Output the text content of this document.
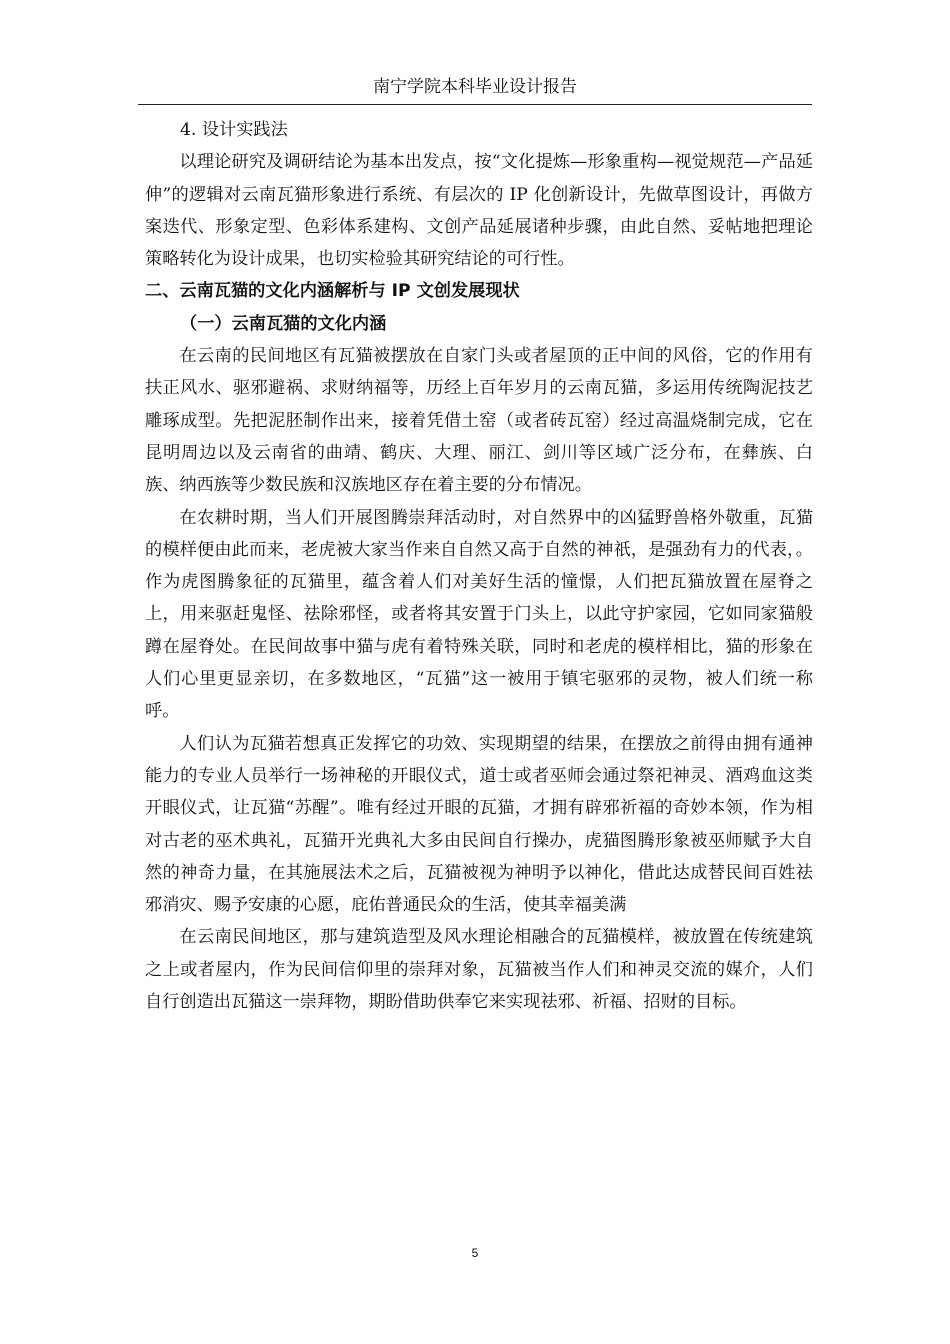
南宁学院本科毕业设计报告

4. 设计实践法

以理论研究及调研结论为基本出发点，按“文化提炼—形象重构—视觉规范—产品延伸”的逻辑对云南瓦猫形象进行系统、有层次的 IP 化创新设计，先做草图设计，再做方案迭代、形象定型、色彩体系建构、文创产品延展诸种步骤，由此自然、妥帖地把理论策略转化为设计成果，也切实检验其研究结论的可行性。

二、云南瓦猫的文化内涵解析与 IP 文创发展现状

（一）云南瓦猫的文化内涵

在云南的民间地区有瓦猫被摆放在自家门头或者屋顶的正中间的风俗，它的作用有扶正风水、驱邪避祸、求财纳福等，历经上百年岁月的云南瓦猫，多运用传统陶泥技艺雕琢成型。先把泥胚制作出来，接着凭借土窑（或者砖瓦窑）经过高温烧制完成，它在昆明周边以及云南省的曲靖、鹤庆、大理、丽江、剑川等区域广泛分布，在彝族、白族、纳西族等少数民族和汉族地区存在着主要的分布情况。

在农耕时期，当人们开展图腾崇拜活动时，对自然界中的凶猛野兽格外敬重，瓦猫的模样便由此而来，老虎被大家当作来自自然又高于自然的神祇，是强劲有力的代表，。作为虎图腾象征的瓦猫里，蕴含着人们对美好生活的憧憬，人们把瓦猫放置在屋脊之上，用来驱赶鬼怪、祛除邪怪，或者将其安置于门头上，以此守护家园，它如同家猫般蹲在屋脊处。在民间故事中猫与虎有着特殊关联，同时和老虎的模样相比，猫的形象在人们心里更显亲切，在多数地区，“瓦猫”这一被用于镇宅驱邪的灵物，被人们统一称呼。

人们认为瓦猫若想真正发挥它的功效、实现期望的结果，在摆放之前得由拥有通神能力的专业人员举行一场神秘的开眼仪式，道士或者巫师会通过祭祀神灵、酒鸡血这类开眼仪式，让瓦猫“苏醒”。唯有经过开眼的瓦猫，才拥有辟邪祈福的奇妙本领，作为相对古老的巫术典礼，瓦猫开光典礼大多由民间自行操办，虎猫图腾形象被巫师赋予大自然的神奇力量，在其施展法术之后，瓦猫被视为神明予以神化，借此达成替民间百姓祛邪消灾、赐予安康的心愿，庇佑普通民众的生活，使其幸福美满

在云南民间地区，那与建筑造型及风水理论相融合的瓦猫模样，被放置在传统建筑之上或者屋内，作为民间信仰里的崇拜对象，瓦猫被当作人们和神灵交流的媒介，人们自行创造出瓦猫这一崇拜物，期盼借助供奉它来实现祛邪、祈福、招财的目标。

5
